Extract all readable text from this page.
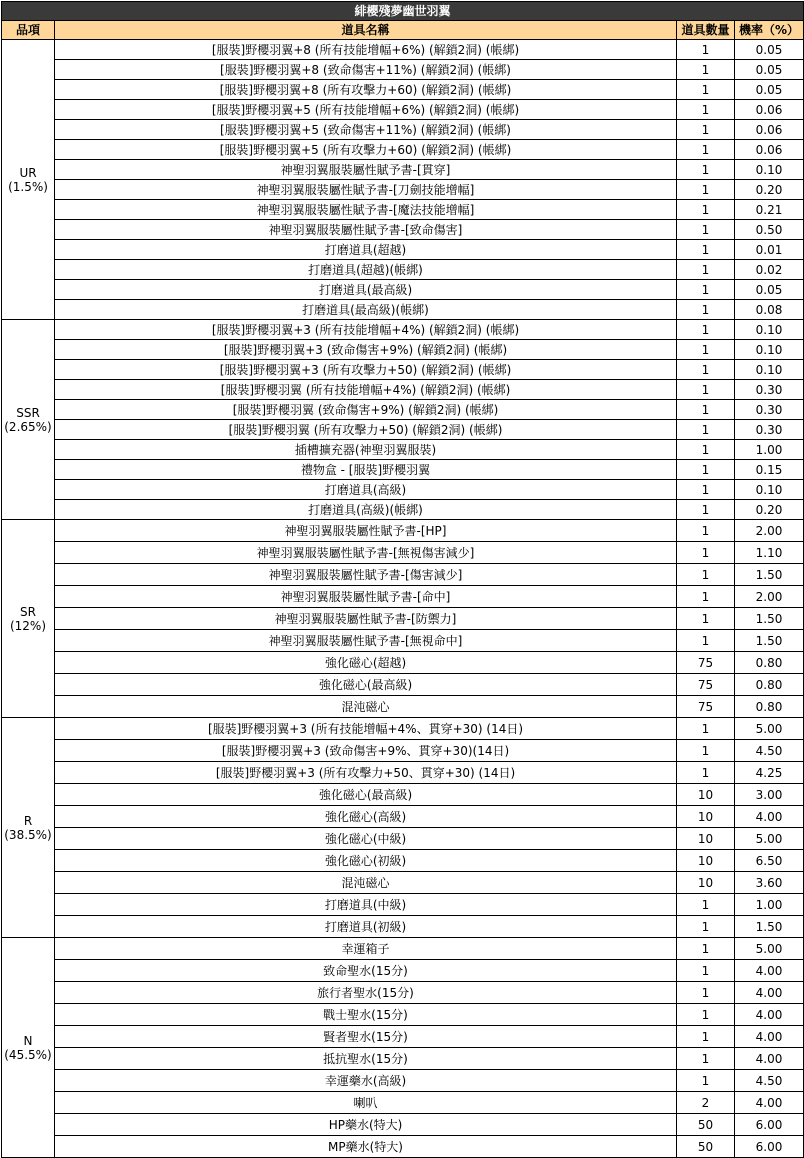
緋櫻殘夢幽世羽翼			
品項	道具名稱	道具數量	機率（%）

UR
(1.5%)	[服裝]野櫻羽翼+8 (所有技能增幅+6%) (解鎖2洞) (帳綁)	1	0.05
	[服裝]野櫻羽翼+8 (致命傷害+11%) (解鎖2洞) (帳綁)	1	0.05
	[服裝]野櫻羽翼+8 (所有攻擊力+60) (解鎖2洞) (帳綁)	1	0.05
	[服裝]野櫻羽翼+5 (所有技能增幅+6%) (解鎖2洞) (帳綁)	1	0.06
	[服裝]野櫻羽翼+5 (致命傷害+11%) (解鎖2洞) (帳綁)	1	0.06
	[服裝]野櫻羽翼+5 (所有攻擊力+60) (解鎖2洞) (帳綁)	1	0.06
	神聖羽翼服裝屬性賦予書-[貫穿]	1	0.10
	神聖羽翼服裝屬性賦予書-[刀劍技能增幅]	1	0.20
	神聖羽翼服裝屬性賦予書-[魔法技能增幅]	1	0.21
	神聖羽翼服裝屬性賦予書-[致命傷害]	1	0.50
	打磨道具(超越)	1	0.01
	打磨道具(超越)(帳綁)	1	0.02
	打磨道具(最高級)	1	0.05
	打磨道具(最高級)(帳綁)	1	0.08

SSR
(2.65%)	[服裝]野櫻羽翼+3 (所有技能增幅+4%) (解鎖2洞) (帳綁)	1	0.10
	[服裝]野櫻羽翼+3 (致命傷害+9%) (解鎖2洞) (帳綁)	1	0.10
	[服裝]野櫻羽翼+3 (所有攻擊力+50) (解鎖2洞) (帳綁)	1	0.10
	[服裝]野櫻羽翼 (所有技能增幅+4%) (解鎖2洞) (帳綁)	1	0.30
	[服裝]野櫻羽翼 (致命傷害+9%) (解鎖2洞) (帳綁)	1	0.30
	[服裝]野櫻羽翼 (所有攻擊力+50) (解鎖2洞) (帳綁)	1	0.30
	插槽擴充器(神聖羽翼服裝)	1	1.00
	禮物盒 - [服裝]野櫻羽翼	1	0.15
	打磨道具(高級)	1	0.10
	打磨道具(高級)(帳綁)	1	0.20

SR
(12%)	神聖羽翼服裝屬性賦予書-[HP]	1	2.00
	神聖羽翼服裝屬性賦予書-[無視傷害減少]	1	1.10
	神聖羽翼服裝屬性賦予書-[傷害減少]	1	1.50
	神聖羽翼服裝屬性賦予書-[命中]	1	2.00
	神聖羽翼服裝屬性賦予書-[防禦力]	1	1.50
	神聖羽翼服裝屬性賦予書-[無視命中]	1	1.50
	強化磁心(超越)	75	0.80
	強化磁心(最高級)	75	0.80
	混沌磁心	75	0.80

R
(38.5%)	[服裝]野櫻羽翼+3 (所有技能增幅+4%、貫穿+30) (14日)	1	5.00
	[服裝]野櫻羽翼+3 (致命傷害+9%、貫穿+30)(14日)	1	4.50
	[服裝]野櫻羽翼+3 (所有攻擊力+50、貫穿+30) (14日)	1	4.25
	強化磁心(最高級)	10	3.00
	強化磁心(高級)	10	4.00
	強化磁心(中級)	10	5.00
	強化磁心(初級)	10	6.50
	混沌磁心	10	3.60
	打磨道具(中級)	1	1.00
	打磨道具(初級)	1	1.50

N
(45.5%)	幸運箱子	1	5.00
	致命聖水(15分)	1	4.00
	旅行者聖水(15分)	1	4.00
	戰士聖水(15分)	1	4.00
	賢者聖水(15分)	1	4.00
	抵抗聖水(15分)	1	4.00
	幸運藥水(高級)	1	4.50
	喇叭	2	4.00
	HP藥水(特大)	50	6.00
	MP藥水(特大)	50	6.00
